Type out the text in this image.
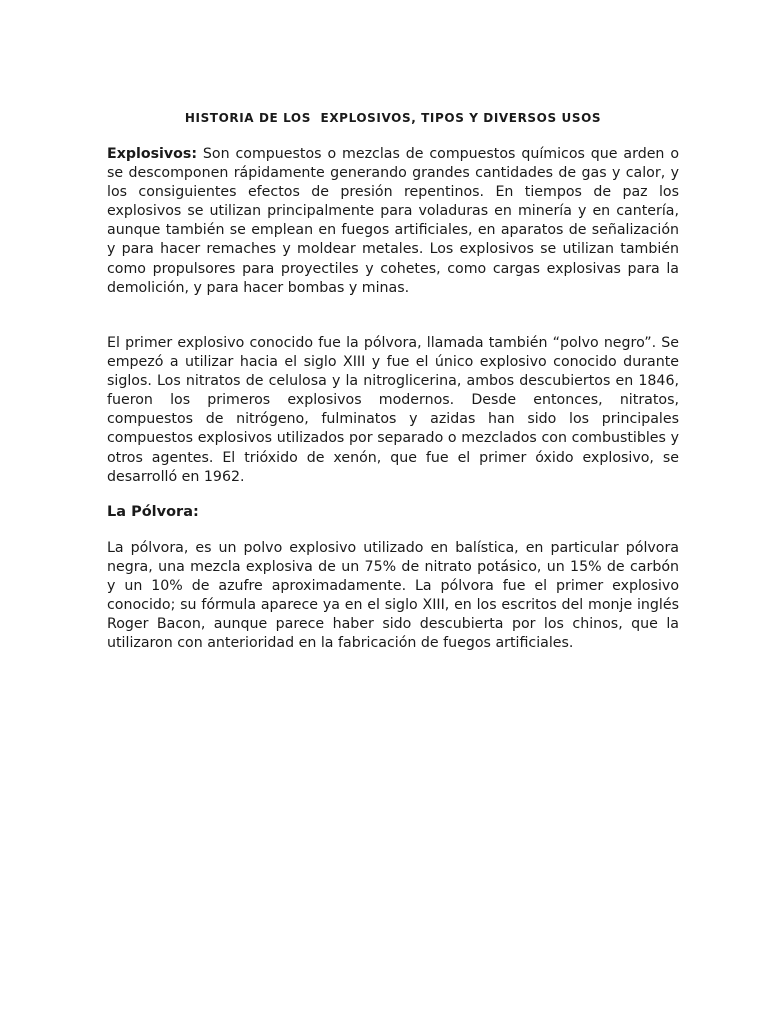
HISTORIA DE LOS  EXPLOSIVOS, TIPOS Y DIVERSOS USOS

Explosivos: Son compuestos o mezclas de compuestos químicos que arden o se descomponen rápidamente generando grandes cantidades de gas y calor, y los consiguientes efectos de presión repentinos. En tiempos de paz los explosivos se utilizan principalmente para voladuras en minería y en cantería, aunque también se emplean en fuegos artificiales, en aparatos de señalización y para hacer remaches y moldear metales. Los explosivos se utilizan también como propulsores para proyectiles y cohetes, como cargas explosivas para la demolición, y para hacer bombas y minas.

El primer explosivo conocido fue la pólvora, llamada también “polvo negro”. Se empezó a utilizar hacia el siglo XIII y fue el único explosivo conocido durante siglos. Los nitratos de celulosa y la nitroglicerina, ambos descubiertos en 1846, fueron los primeros explosivos modernos. Desde entonces, nitratos, compuestos de nitrógeno, fulminatos y azidas han sido los principales compuestos explosivos utilizados por separado o mezclados con combustibles y otros agentes. El trióxido de xenón, que fue el primer óxido explosivo, se desarrolló en 1962.

La Pólvora:

La pólvora, es un polvo explosivo utilizado en balística, en particular pólvora negra, una mezcla explosiva de un 75% de nitrato potásico, un 15% de carbón y un 10% de azufre aproximadamente. La pólvora fue el primer explosivo conocido; su fórmula aparece ya en el siglo XIII, en los escritos del monje inglés Roger Bacon, aunque parece haber sido descubierta por los chinos, que la utilizaron con anterioridad en la fabricación de fuegos artificiales.
